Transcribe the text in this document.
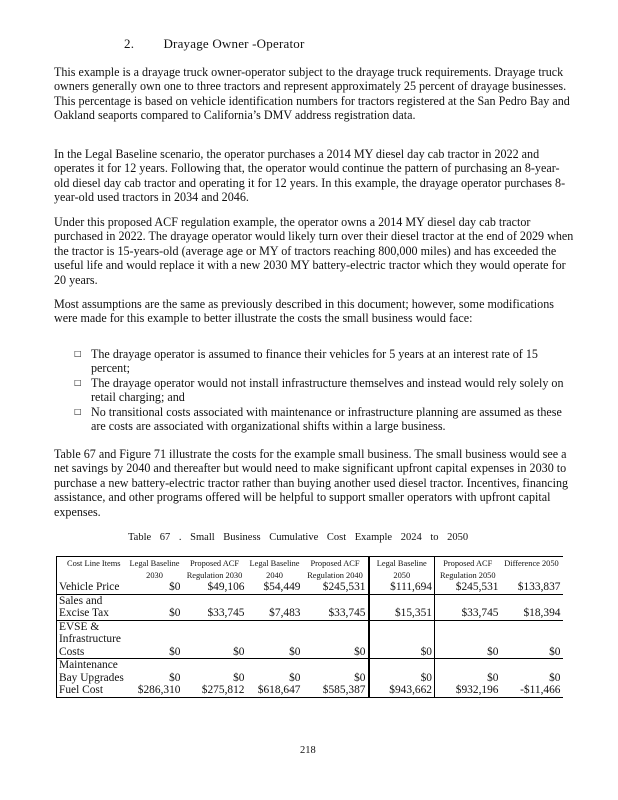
2. Drayage Owner -Operator

This example is a drayage truck owner-operator subject to the drayage truck requirements. Drayage truck owners generally own one to three tractors and represent approximately 25 percent of drayage businesses. This percentage is based on vehicle identification numbers for tractors registered at the San Pedro Bay and Oakland seaports compared to California’s DMV address registration data.

In the Legal Baseline scenario, the operator purchases a 2014 MY diesel day cab tractor in 2022 and operates it for 12 years. Following that, the operator would continue the pattern of purchasing an 8-year-old diesel day cab tractor and operating it for 12 years. In this example, the drayage operator purchases 8-year-old used tractors in 2034 and 2046.

Under this proposed ACF regulation example, the operator owns a 2014 MY diesel day cab tractor purchased in 2022. The drayage operator would likely turn over their diesel tractor at the end of 2029 when the tractor is 15-years-old (average age or MY of tractors reaching 800,000 miles) and has exceeded the useful life and would replace it with a new 2030 MY battery-electric tractor which they would operate for 20 years.

Most assumptions are the same as previously described in this document; however, some modifications were made for this example to better illustrate the costs the small business would face:

□ The drayage operator is assumed to finance their vehicles for 5 years at an interest rate of 15 percent;
□ The drayage operator would not install infrastructure themselves and instead would rely solely on retail charging; and
□ No transitional costs associated with maintenance or infrastructure planning are assumed as these are costs are associated with organizational shifts within a large business.

Table 67 and Figure 71 illustrate the costs for the example small business. The small business would see a net savings by 2040 and thereafter but would need to make significant upfront capital expenses in 2030 to purchase a new battery-electric tractor rather than buying another used diesel tractor. Incentives, financing assistance, and other programs offered will be helpful to support smaller operators with upfront capital expenses.

Table 67 . Small Business Cumulative Cost Example 2024 to 2050
Cost Line Items	Legal Baseline 2030	Proposed ACF Regulation 2030	Legal Baseline 2040	Proposed ACF Regulation 2040	Legal Baseline 2050	Proposed ACF Regulation 2050	Difference 2050
Vehicle Price	$0	$49,106	$54,449	$245,531	$111,694	$245,531	$133,837
Sales and Excise Tax	$0	$33,745	$7,483	$33,745	$15,351	$33,745	$18,394
EVSE & Infrastructure Costs	$0	$0	$0	$0	$0	$0	$0
Maintenance Bay Upgrades	$0	$0	$0	$0	$0	$0	$0
Fuel Cost	$286,310	$275,812	$618,647	$585,387	$943,662	$932,196	-$11,466
218
